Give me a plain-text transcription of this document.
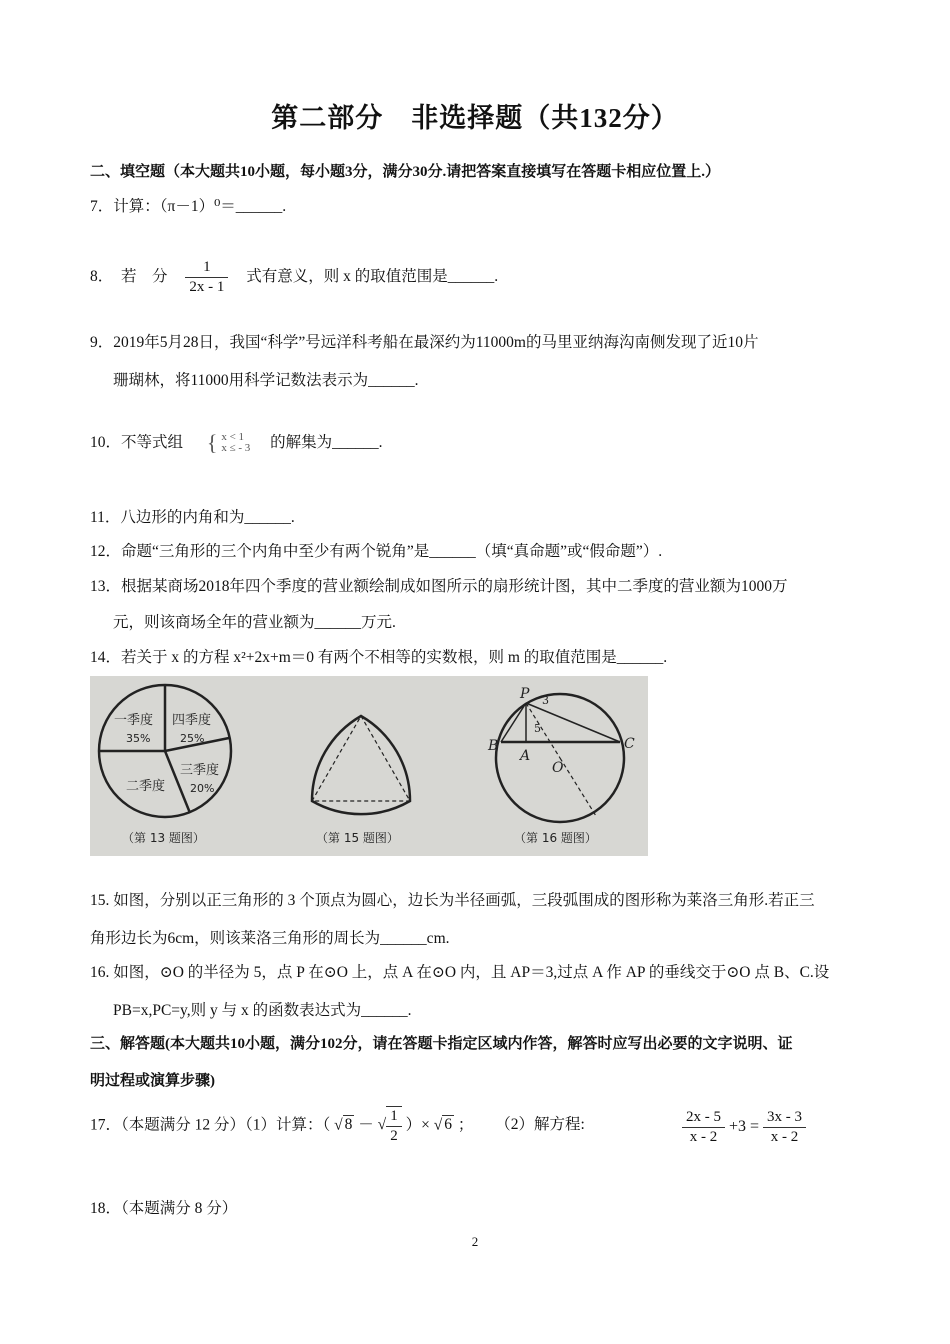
第二部分　非选择题（共132分）
二、填空题（本大题共10小题，每小题3分，满分30分.请把答案直接填写在答题卡相应位置上.）
7．计算：（π－1）⁰＝______.
8．　若　分 $\frac{1}{2x - 1}$ 式有意义，则 x 的取值范围是______.
9．2019年5月28日，我国“科学”号远洋科考船在最深约为11000m的马里亚纳海沟南侧发现了近10片
珊瑚林，将11000用科学记数法表示为______.
10．不等式组 { x < 1
x ≤ - 3 的解集为______.
11．八边形的内角和为______.
12．命题“三角形的三个内角中至少有两个锐角”是______（填“真命题”或“假命题”）.
13．根据某商场2018年四个季度的营业额绘制成如图所示的扇形统计图，其中二季度的营业额为1000万
元，则该商场全年的营业额为______万元.
14．若关于 x 的方程 x²+2x+m＝0 有两个不相等的实数根，则 m 的取值范围是______.
一季度
35%
四季度
25%
三季度
20%
二季度
（第 13 题图）	（第 15 题图）
P
B
A
O
C
3
5
（第 16 题图）
15. 如图，分别以正三角形的 3 个顶点为圆心，边长为半径画弧，三段弧围成的图形称为莱洛三角形.若正三
角形边长为6cm，则该莱洛三角形的周长为______cm.
16. 如图，⊙O 的半径为 5，点 P 在⊙O 上，点 A 在⊙O 内，且 AP＝3,过点 A 作 AP 的垂线交于⊙O 点 B、C.设
PB=x,PC=y,则 y 与 x 的函数表达式为______.
三、解答题(本大题共10小题，满分102分，请在答题卡指定区域内作答，解答时应写出必要的文字说明、证
明过程或演算步骤)
17．（本题满分 12 分）（1）计算：（ √ 8 － √ $\frac{1}{2}$ ）× √ 6 ； （2）解方程:	$\frac{2x - 5}{x - 2} +3 = \frac{3x - 3}{x - 2}$
18．（本题满分 8 分）
2
